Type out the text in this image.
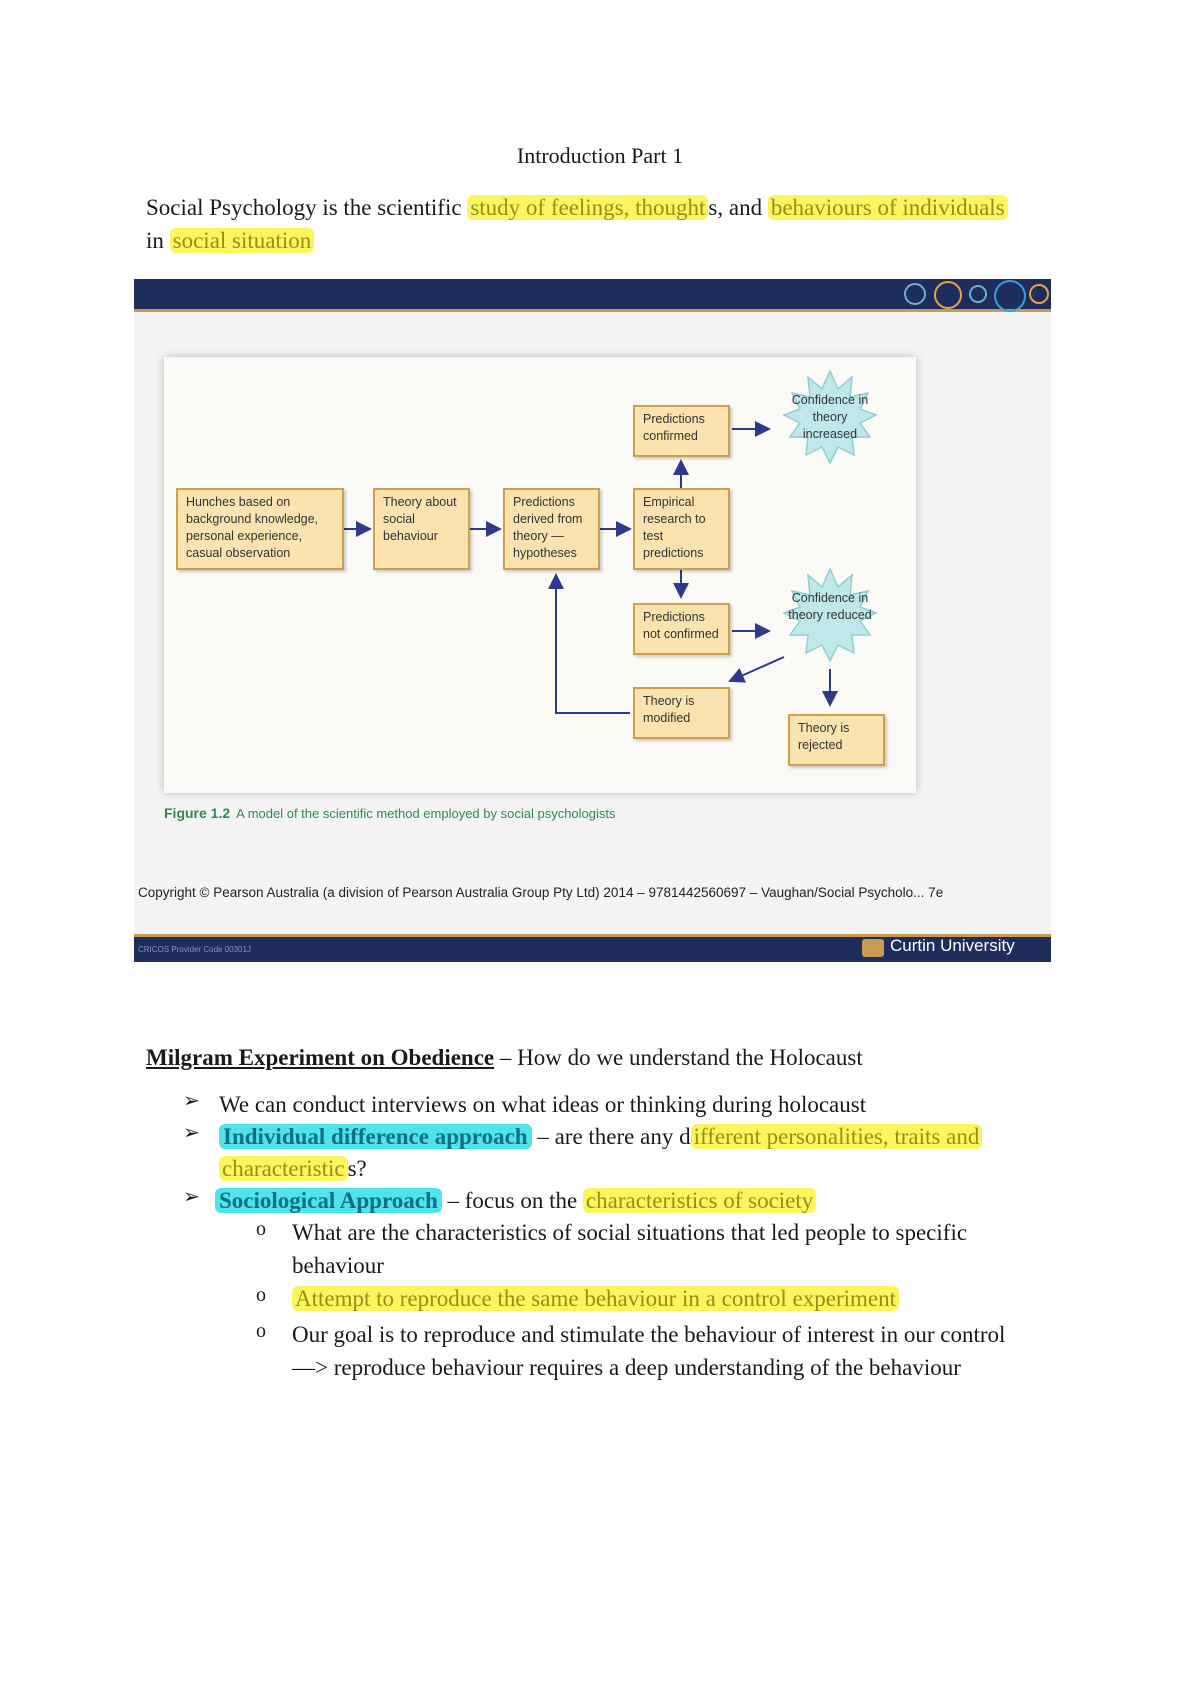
Introduction Part 1
Social Psychology is the scientific study of feelings, thought s, and behaviours of individuals
in social situation
Hunches based on background knowledge, personal experience, casual observation
Theory about social behaviour
Predictions derived from theory — hypotheses
Empirical research to test predictions
Predictions confirmed
Predictions not confirmed
Theory is modified
Theory is rejected
Confidence in theory increased
Confidence in theory reduced
Figure 1.2 A model of the scientific method employed by social psychologists
Copyright © Pearson Australia (a division of Pearson Australia Group Pty Ltd) 2014 – 9781442560697 – Vaughan/Social Psycholo... 7e
CRICOS Provider Code 00301J	Curtin University
Milgram Experiment on Obedience – How do we understand the Holocaust
➢ We can conduct interviews on what ideas or thinking during holocaust
➢ Individual difference approach – are there any d ifferent personalities, traits and
characteristic s?
➢ Sociological Approach – focus on the characteristics of society
o What are the characteristics of social situations that led people to specific
behaviour
o Attempt to reproduce the same behaviour in a control experiment
o Our goal is to reproduce and stimulate the behaviour of interest in our control
—> reproduce behaviour requires a deep understanding of the behaviour
